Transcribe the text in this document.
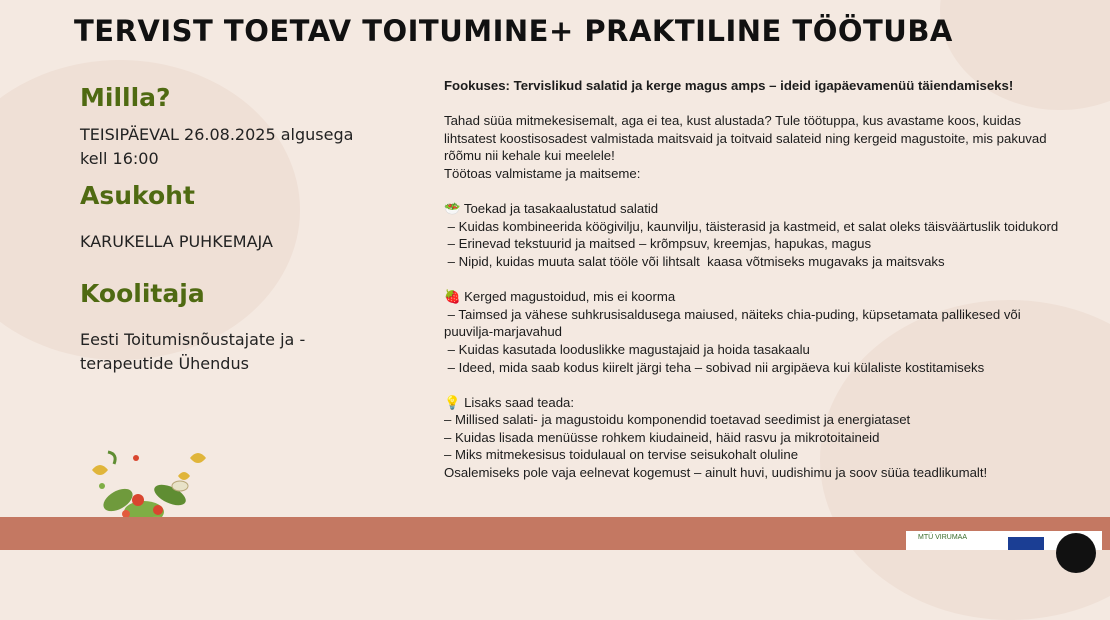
TERVIST TOETAV TOITUMINE+ PRAKTILINE TÖÖTUBA
Millla?
TEISIPÄEVAL 26.08.2025 algusega
kell 16:00
Asukoht
KARUKELLA PUHKEMAJA
Koolitaja
Eesti Toitumisnõustajate ja -
terapeutide Ühendus

Fookuses: Tervislikud salatid ja kerge magus amps – ideid igapäevamenüü täiendamiseks!

Tahad süüa mitmekesisemalt, aga ei tea, kust alustada? Tule töötuppa, kus avastame koos, kuidas lihtsatest koostisosadest valmistada maitsvaid ja toitvaid salateid ning kergeid magustoite, mis pakuvad rõõmu nii kehale kui meelele!

Töötoas valmistame ja maitseme:

🥗 Toekad ja tasakaalustatud salatid

– Kuidas kombineerida köögivilju, kaunvilju, täisterasid ja kastmeid, et salat oleks täisväärtuslik toidukord

– Erinevad tekstuurid ja maitsed – krõmpsuv, kreemjas, hapukas, magus

– Nipid, kuidas muuta salat tööle või lihtsalt  kaasa võtmiseks mugavaks ja maitsvaks

🍓 Kerged magustoidud, mis ei koorma

– Taimsed ja vähese suhkrusisaldusega maiused, näiteks chia-puding, küpsetamata pallikesed või puuvilja-marjavahud

– Kuidas kasutada looduslikke magustajaid ja hoida tasakaalu

– Ideed, mida saab kodus kiirelt järgi teha – sobivad nii argipäeva kui külaliste kostitamiseks

💡 Lisaks saad teada:

– Millised salati- ja magustoidu komponendid toetavad seedimist ja energiataset

– Kuidas lisada menüüsse rohkem kiudaineid, häid rasvu ja mikrotoitaineid

– Miks mitmekesisus toidulaual on tervise seisukohalt oluline

Osalemiseks pole vaja eelnevat kogemust – ainult huvi, uudishimu ja soov süüa teadlikumalt!

MTÜ VIRUMAA
